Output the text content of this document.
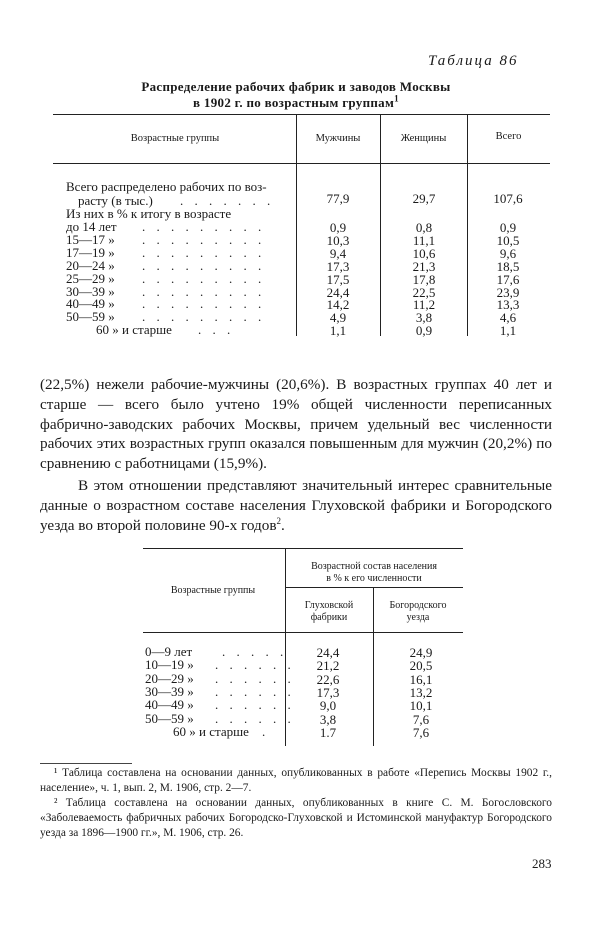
Таблица 86
Распределение рабочих фабрик и заводов Москвы
в 1902 г. по возрастным группам$^1$
Возрастные группы	Мужчины	Женщины	Всего
Всего распределено рабочих по воз-
расту (в тыс.) . . . . . . .	77,9	29,7	107,6
Из них в % к итогу в возрасте
до 14 лет . . . . . . . . .	0,9	0,8	0,9
15—17 » . . . . . . . . .	10,3	11,1	10,5
17—19 » . . . . . . . . .	9,4	10,6	9,6
20—24 » . . . . . . . . .	17,3	21,3	18,5
25—29 » . . . . . . . . .	17,5	17,8	17,6
30—39 » . . . . . . . . .	24,4	22,5	23,9
40—49 » . . . . . . . . .	14,2	11,2	13,3
50—59 » . . . . . . . . .	4,9	3,8	4,6
60 » и старше . . .	1,1	0,9	1,1
(22,5%) нежели рабочие-мужчины (20,6%). В возрастных группах 40 лет и старше — всего было учтено 19% общей численности переписанных фабрично-заводских рабочих Москвы, причем удельный вес численности рабочих этих возрастных групп оказался повышенным для мужчин (20,2%) по сравнению с работницами (15,9%).
В этом отношении представляют значительный интерес сравнительные данные о возрастном составе населения Глуховской фабрики и Богородского уезда во второй половине 90-х годов$^2$.
Возрастные группы
Возрастной состав населения
в % к его численности
Глуховской
фабрики
Богородского
уезда
0—9 лет . . . . .	24,4	24,9
10—19 » . . . . . .	21,2	20,5
20—29 » . . . . . .	22,6	16,1
30—39 » . . . . . .	17,3	13,2
40—49 » . . . . . .	9,0	10,1
50—59 » . . . . . .	3,8	7,6
60 » и старше .	1.7	7,6
¹ Таблица составлена на основании данных, опубликованных в работе «Перепись Москвы 1902 г., население», ч. 1, вып. 2, М. 1906, стр. 2—7.
² Таблица составлена на основании данных, опубликованных в книге С. М. Богословского «Заболеваемость фабричных рабочих Богородско-Глуховской и Истоминской мануфактур Богородского уезда за 1896—1900 гг.», М. 1906, стр. 26.
283
